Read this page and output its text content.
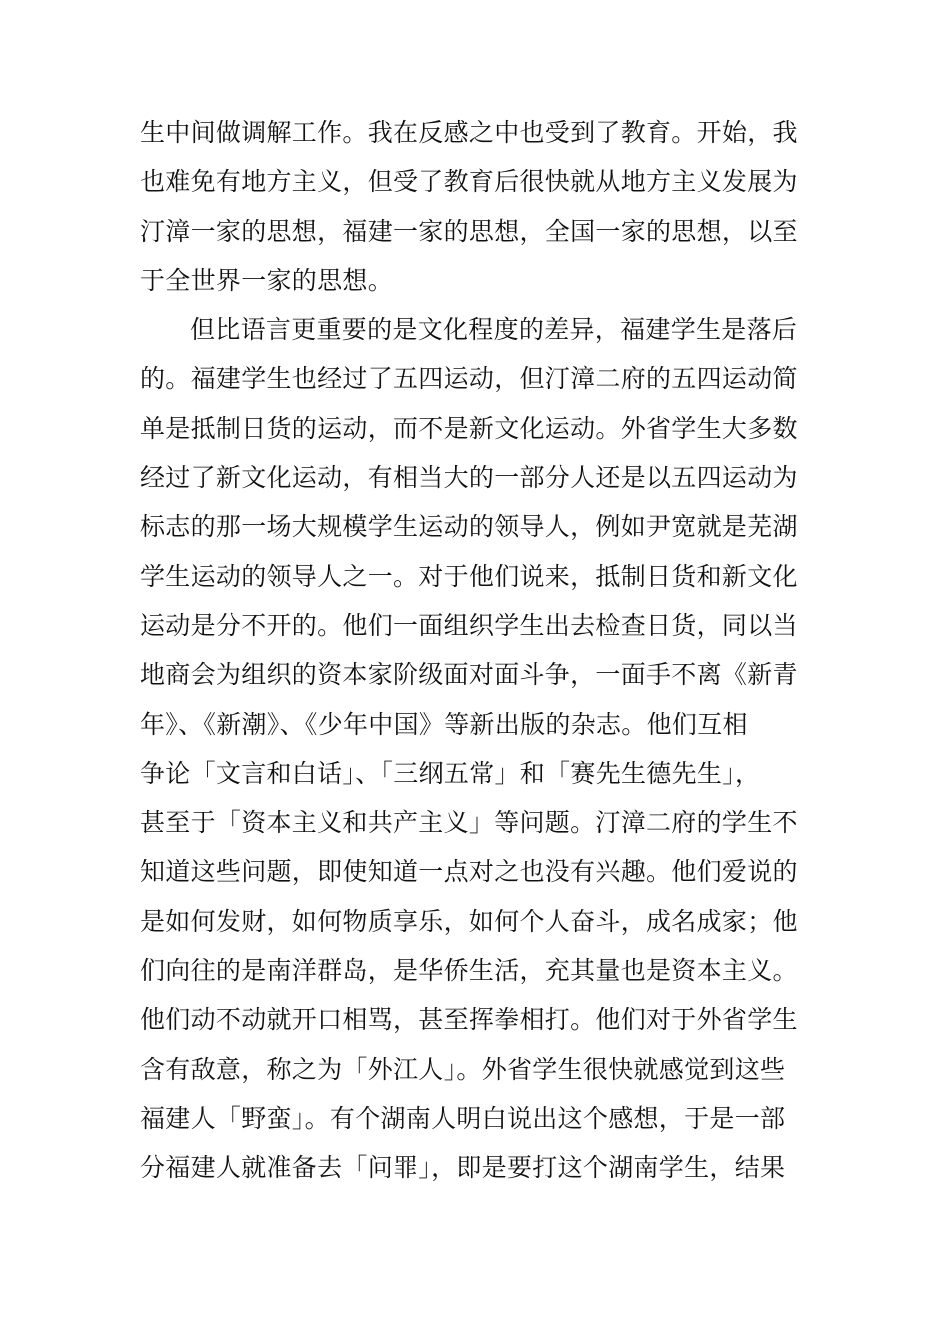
生中间做调解工作。我在反感之中也受到了教育。开始，我
也难免有地方主义，但受了教育后很快就从地方主义发展为
汀漳一家的思想，福建一家的思想，全国一家的思想，以至
于全世界一家的思想。
但比语言更重要的是文化程度的差异，福建学生是落后
的。福建学生也经过了五四运动，但汀漳二府的五四运动简
单是抵制日货的运动，而不是新文化运动。外省学生大多数
经过了新文化运动，有相当大的一部分人还是以五四运动为
标志的那一场大规模学生运动的领导人，例如尹宽就是芜湖
学生运动的领导人之一。对于他们说来，抵制日货和新文化
运动是分不开的。他们一面组织学生出去检查日货，同以当
地商会为组织的资本家阶级面对面斗争，一面手不离《新青
年》、《新潮》、《少年中国》等新出版的杂志。他们互相
争论「文言和白话」、「三纲五常」和「赛先生德先生」，
甚至于「资本主义和共产主义」等问题。汀漳二府的学生不
知道这些问题，即使知道一点对之也没有兴趣。他们爱说的
是如何发财，如何物质享乐，如何个人奋斗，成名成家；他
们向往的是南洋群岛，是华侨生活，充其量也是资本主义。
他们动不动就开口相骂，甚至挥拳相打。他们对于外省学生
含有敌意，称之为「外江人」。外省学生很快就感觉到这些
福建人「野蛮」。有个湖南人明白说出这个感想，于是一部
分福建人就准备去「问罪」，即是要打这个湖南学生，结果
